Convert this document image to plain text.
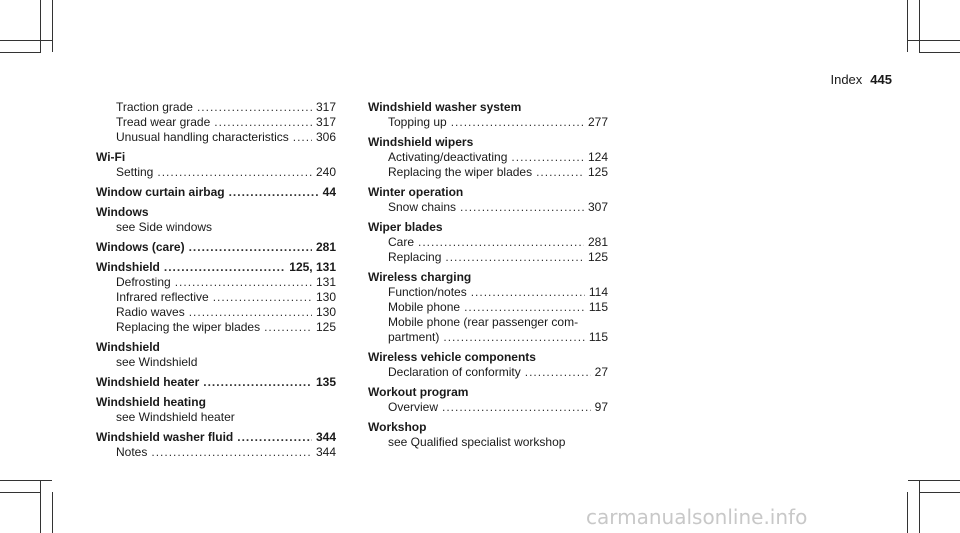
Index 445
Traction grade .....	317
Tread wear grade .....	317
Unusual handling characteristics ..... 306
Wi-Fi
Setting .....	240
Window curtain airbag .....	44
Windows
see Side windows
Windows (care) .....	281
Windshield .....	125, 131
Defrosting .....	131
Infrared reflective .....	130
Radio waves .....	130
Replacing the wiper blades .....	125
Windshield
see Windshield
Windshield heater .....	135
Windshield heating
see Windshield heater
Windshield washer fluid .....	344
Notes .....	344
Windshield washer system
Topping up .....	277
Windshield wipers
Activating/deactivating .....	124
Replacing the wiper blades .....	125
Winter operation
Snow chains .....	307
Wiper blades
Care .....	281
Replacing .....	125
Wireless charging
Function/notes .....	114
Mobile phone .....	115
Mobile phone (rear passenger com-
partment) .....	115
Wireless vehicle components
Declaration of conformity .....	27
Workout program
Overview .....	97
Workshop
see Qualified specialist workshop
carmanualsonline.info
